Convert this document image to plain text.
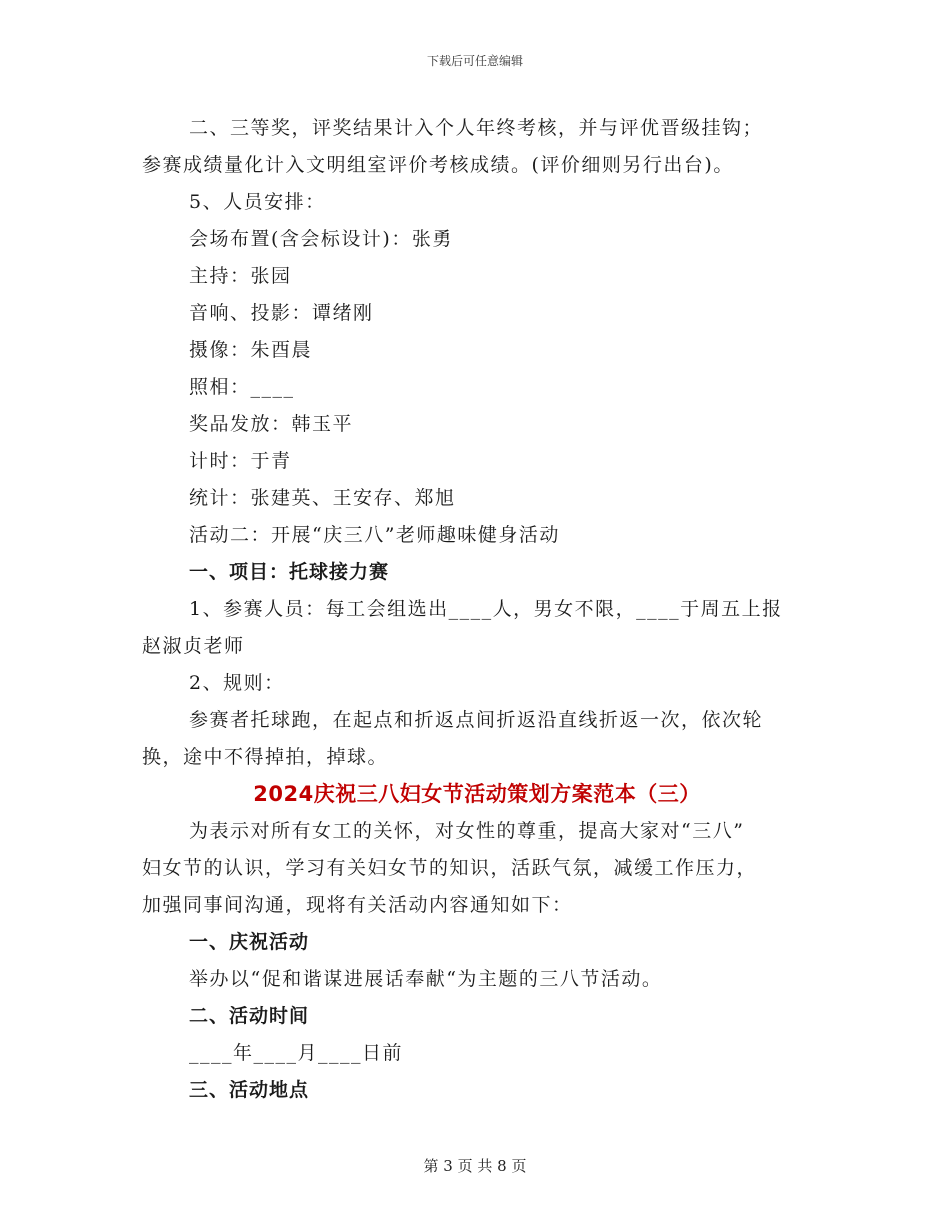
下载后可任意编辑

二、三等奖，评奖结果计入个人年终考核，并与评优晋级挂钩；

参赛成绩量化计入文明组室评价考核成绩。(评价细则另行出台)。

5、人员安排：

会场布置(含会标设计)：张勇

主持：张园

音响、投影：谭绪刚

摄像：朱酉晨

照相：____

奖品发放：韩玉平

计时：于青

统计：张建英、王安存、郑旭

活动二：开展“庆三八”老师趣味健身活动

一、项目：托球接力赛

1、参赛人员：每工会组选出____人，男女不限，____于周五上报

赵淑贞老师

2、规则：

参赛者托球跑，在起点和折返点间折返沿直线折返一次，依次轮

换，途中不得掉拍，掉球。

2024庆祝三八妇女节活动策划方案范本（三）

为表示对所有女工的关怀，对女性的尊重，提高大家对“三八”

妇女节的认识，学习有关妇女节的知识，活跃气氛，减缓工作压力，

加强同事间沟通，现将有关活动内容通知如下：

一、庆祝活动

举办以“促和谐谋进展话奉献“为主题的三八节活动。

二、活动时间

____年____月____日前

三、活动地点

第 3 页 共 8 页
